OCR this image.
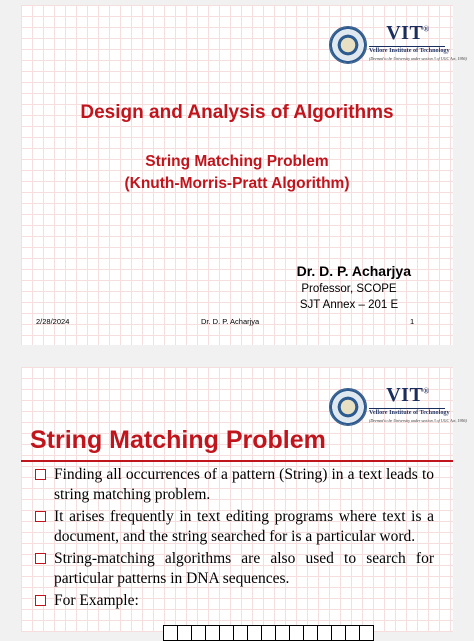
VIT®
Vellore Institute of Technology
(Deemed to be University under section 3 of UGC Act, 1956)
Design and Analysis of Algorithms
String Matching Problem
(Knuth-Morris-Pratt Algorithm)
Dr. D. P. Acharjya
Professor, SCOPE
SJT Annex – 201 E
2/28/2024	Dr. D. P. Acharjya	1
VIT®
Vellore Institute of Technology
(Deemed to be University under section 3 of UGC Act, 1956)
String Matching Problem
Finding all occurrences of a pattern (String) in a text leads to string matching problem.
It arises frequently in text editing programs where text is a document, and the string searched for is a particular word.
String-matching algorithms are also used to search for particular patterns in DNA sequences.
For Example:
